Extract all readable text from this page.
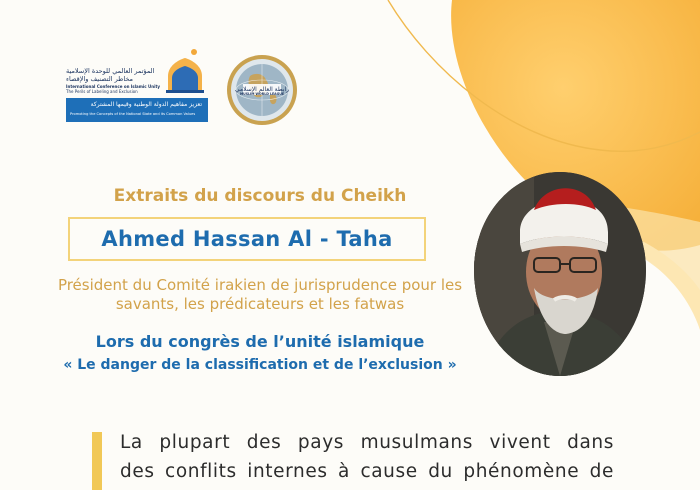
المؤتمر العالمي للوحدة الإسلامية
مخاطر التصنيف والإقصاء
International Conference on Islamic Unity
The Perils of Labeling and Exclusion
تعزيز مفاهيم الدولة الوطنية وقيمها المشتركة
Promoting the Concepts of the National State and its Common Values
رابطة العالم الإسلامي
MUSLIM WORLD LEAGUE
Extraits du discours du Cheikh
Ahmed Hassan Al - Taha
Président du Comité irakien de jurisprudence pour les
savants, les prédicateurs et les fatwas
Lors du congrès de l’unité islamique
« Le danger de la classification et de l’exclusion »
La plupart des pays musulmans vivent dans
des conflits internes à cause du phénomène de
